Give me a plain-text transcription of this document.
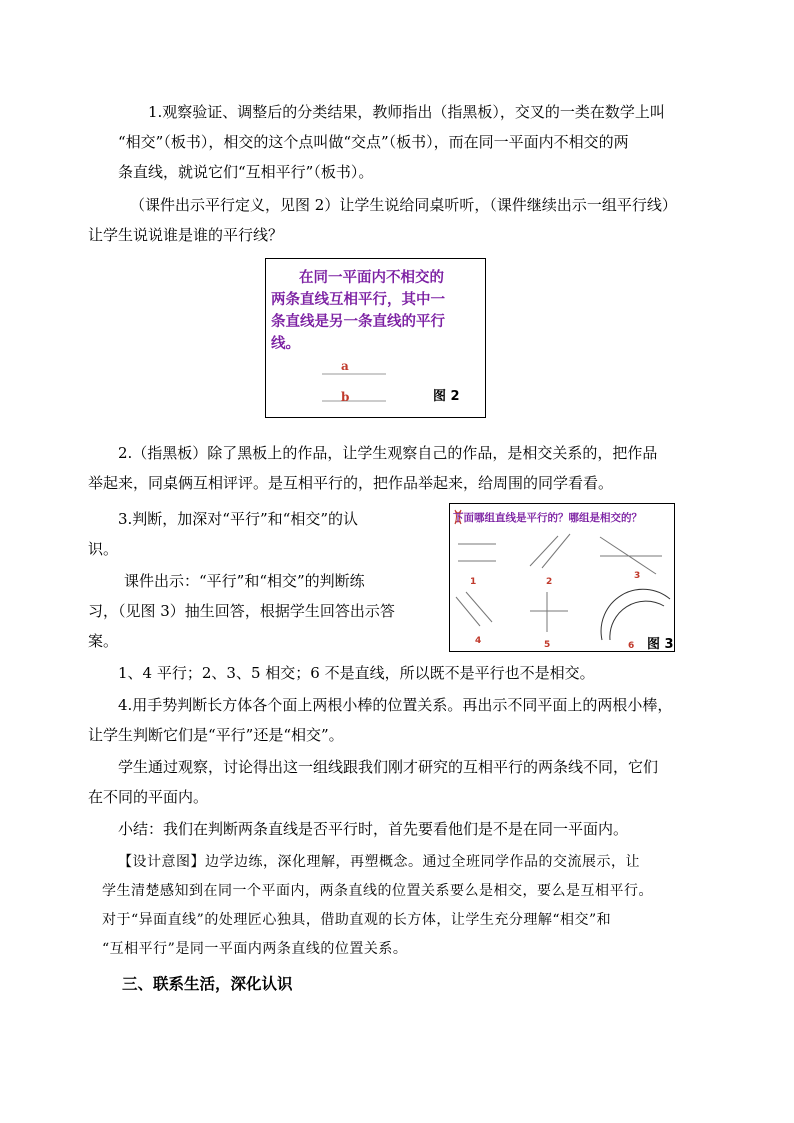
1.观察验证、调整后的分类结果，教师指出（指黑板），交叉的一类在数学上叫
“相交”（板书），相交的这个点叫做“交点”（板书），而在同一平面内不相交的两
条直线，就说它们“互相平行”（板书）。
（课件出示平行定义，见图 2）让学生说给同桌听听，（课件继续出示一组平行线）
让学生说说谁是谁的平行线？
在同一平面内不相交的
两条直线互相平行，其中一
条直线是另一条直线的平行
线。
a
b	图 2
2.（指黑板）除了黑板上的作品，让学生观察自己的作品，是相交关系的，把作品
举起来，同桌俩互相评评。是互相平行的，把作品举起来，给周围的同学看看。
3.判断，加深对“平行”和“相交”的认
识。
课件出示：“平行”和“相交”的判断练
习，（见图 3）抽生回答，根据学生回答出示答
案。
1	2
3
4	5	6
下面哪组直线是平行的？哪组是相交的？
图 3
1、4 平行；2、3、5 相交；6 不是直线，所以既不是平行也不是相交。
4.用手势判断长方体各个面上两根小棒的位置关系。再出示不同平面上的两根小棒，
让学生判断它们是“平行”还是“相交”。
学生通过观察，讨论得出这一组线跟我们刚才研究的互相平行的两条线不同，它们
在不同的平面内。
小结：我们在判断两条直线是否平行时，首先要看他们是不是在同一平面内。
【设计意图】边学边练，深化理解，再塑概念。通过全班同学作品的交流展示，让
学生清楚感知到在同一个平面内，两条直线的位置关系要么是相交，要么是互相平行。
对于“异面直线”的处理匠心独具，借助直观的长方体，让学生充分理解“相交”和
“互相平行”是同一平面内两条直线的位置关系。
三、联系生活，深化认识
